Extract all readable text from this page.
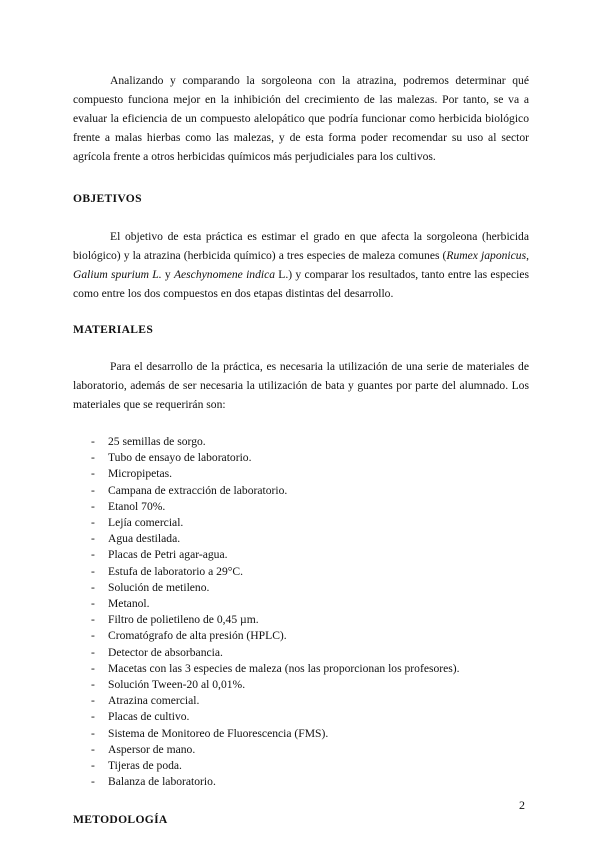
Analizando y comparando la sorgoleona con la atrazina, podremos determinar qué compuesto funciona mejor en la inhibición del crecimiento de las malezas. Por tanto, se va a evaluar la eficiencia de un compuesto alelopático que podría funcionar como herbicida biológico frente a malas hierbas como las malezas, y de esta forma poder recomendar su uso al sector agrícola frente a otros herbicidas químicos más perjudiciales para los cultivos.

OBJETIVOS

El objetivo de esta práctica es estimar el grado en que afecta la sorgoleona (herbicida biológico) y la atrazina (herbicida químico) a tres especies de maleza comunes (Rumex japonicus, Galium spurium L. y Aeschynomene indica L.) y comparar los resultados, tanto entre las especies como entre los dos compuestos en dos etapas distintas del desarrollo.

MATERIALES

Para el desarrollo de la práctica, es necesaria la utilización de una serie de materiales de laboratorio, además de ser necesaria la utilización de bata y guantes por parte del alumnado. Los materiales que se requerirán son:

- 25 semillas de sorgo.
- Tubo de ensayo de laboratorio.
- Micropipetas.
- Campana de extracción de laboratorio.
- Etanol 70%.
- Lejía comercial.
- Agua destilada.
- Placas de Petri agar-agua.
- Estufa de laboratorio a 29°C.
- Solución de metileno.
- Metanol.
- Filtro de polietileno de 0,45 µm.
- Cromatógrafo de alta presión (HPLC).
- Detector de absorbancia.
- Macetas con las 3 especies de maleza (nos las proporcionan los profesores).
- Solución Tween-20 al 0,01%.
- Atrazina comercial.
- Placas de cultivo.
- Sistema de Monitoreo de Fluorescencia (FMS).
- Aspersor de mano.
- Tijeras de poda.
- Balanza de laboratorio.
METODOLOGÍA
2
